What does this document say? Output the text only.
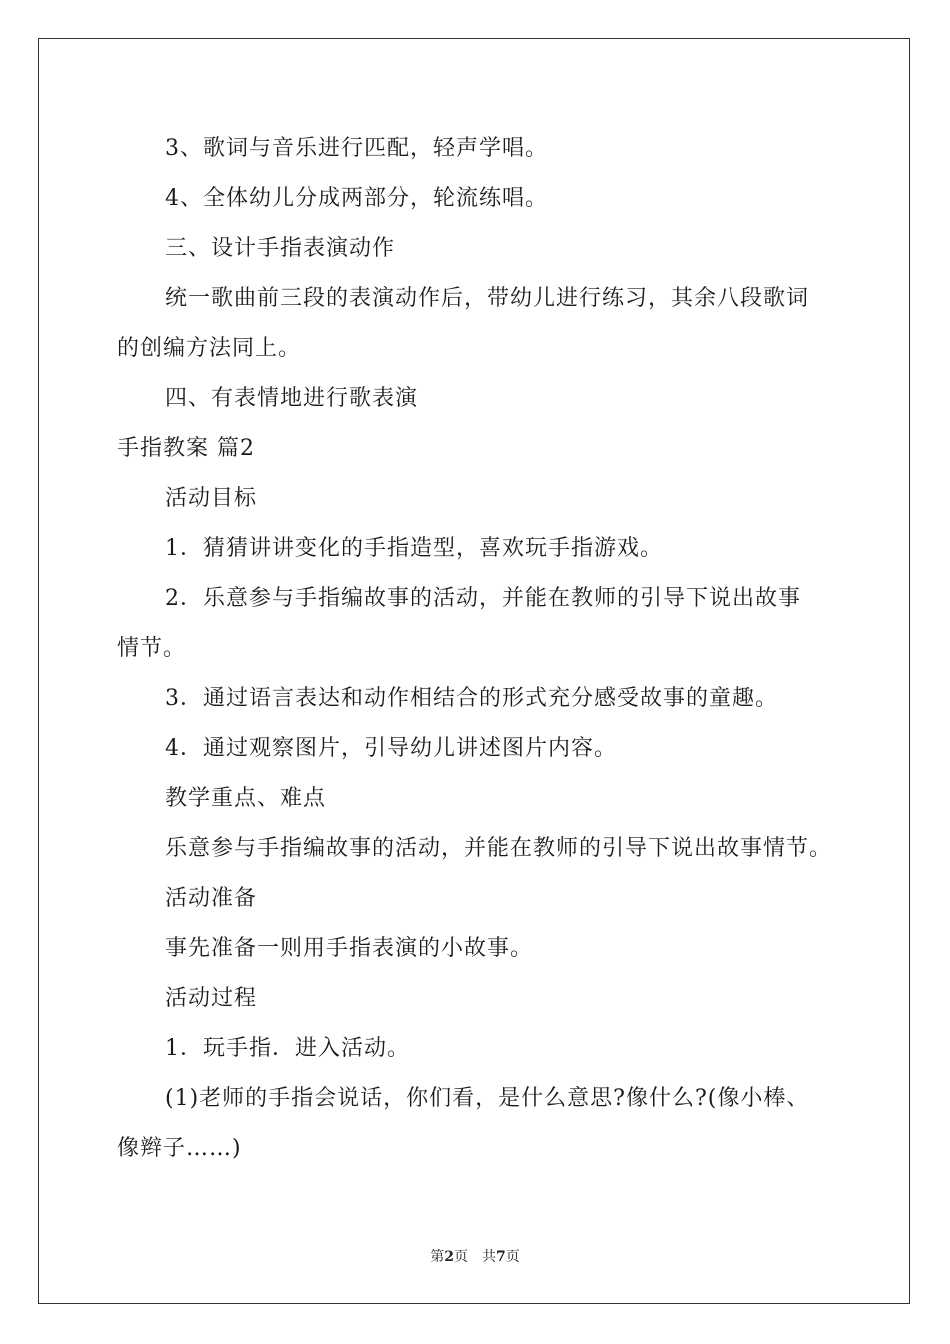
3、歌词与音乐进行匹配，轻声学唱。
4、全体幼儿分成两部分，轮流练唱。
三、设计手指表演动作
统一歌曲前三段的表演动作后，带幼儿进行练习，其余八段歌词
的创编方法同上。
四、有表情地进行歌表演
手指教案 篇2
活动目标
1．猜猜讲讲变化的手指造型，喜欢玩手指游戏。
2．乐意参与手指编故事的活动，并能在教师的引导下说出故事
情节。
3．通过语言表达和动作相结合的形式充分感受故事的童趣。
4．通过观察图片，引导幼儿讲述图片内容。
教学重点、难点
乐意参与手指编故事的活动，并能在教师的引导下说出故事情节。
活动准备
事先准备一则用手指表演的小故事。
活动过程
1．玩手指．进入活动。
(1)老师的手指会说话，你们看，是什么意思?像什么?(像小棒、
像辫子……)
第2页　共7页
